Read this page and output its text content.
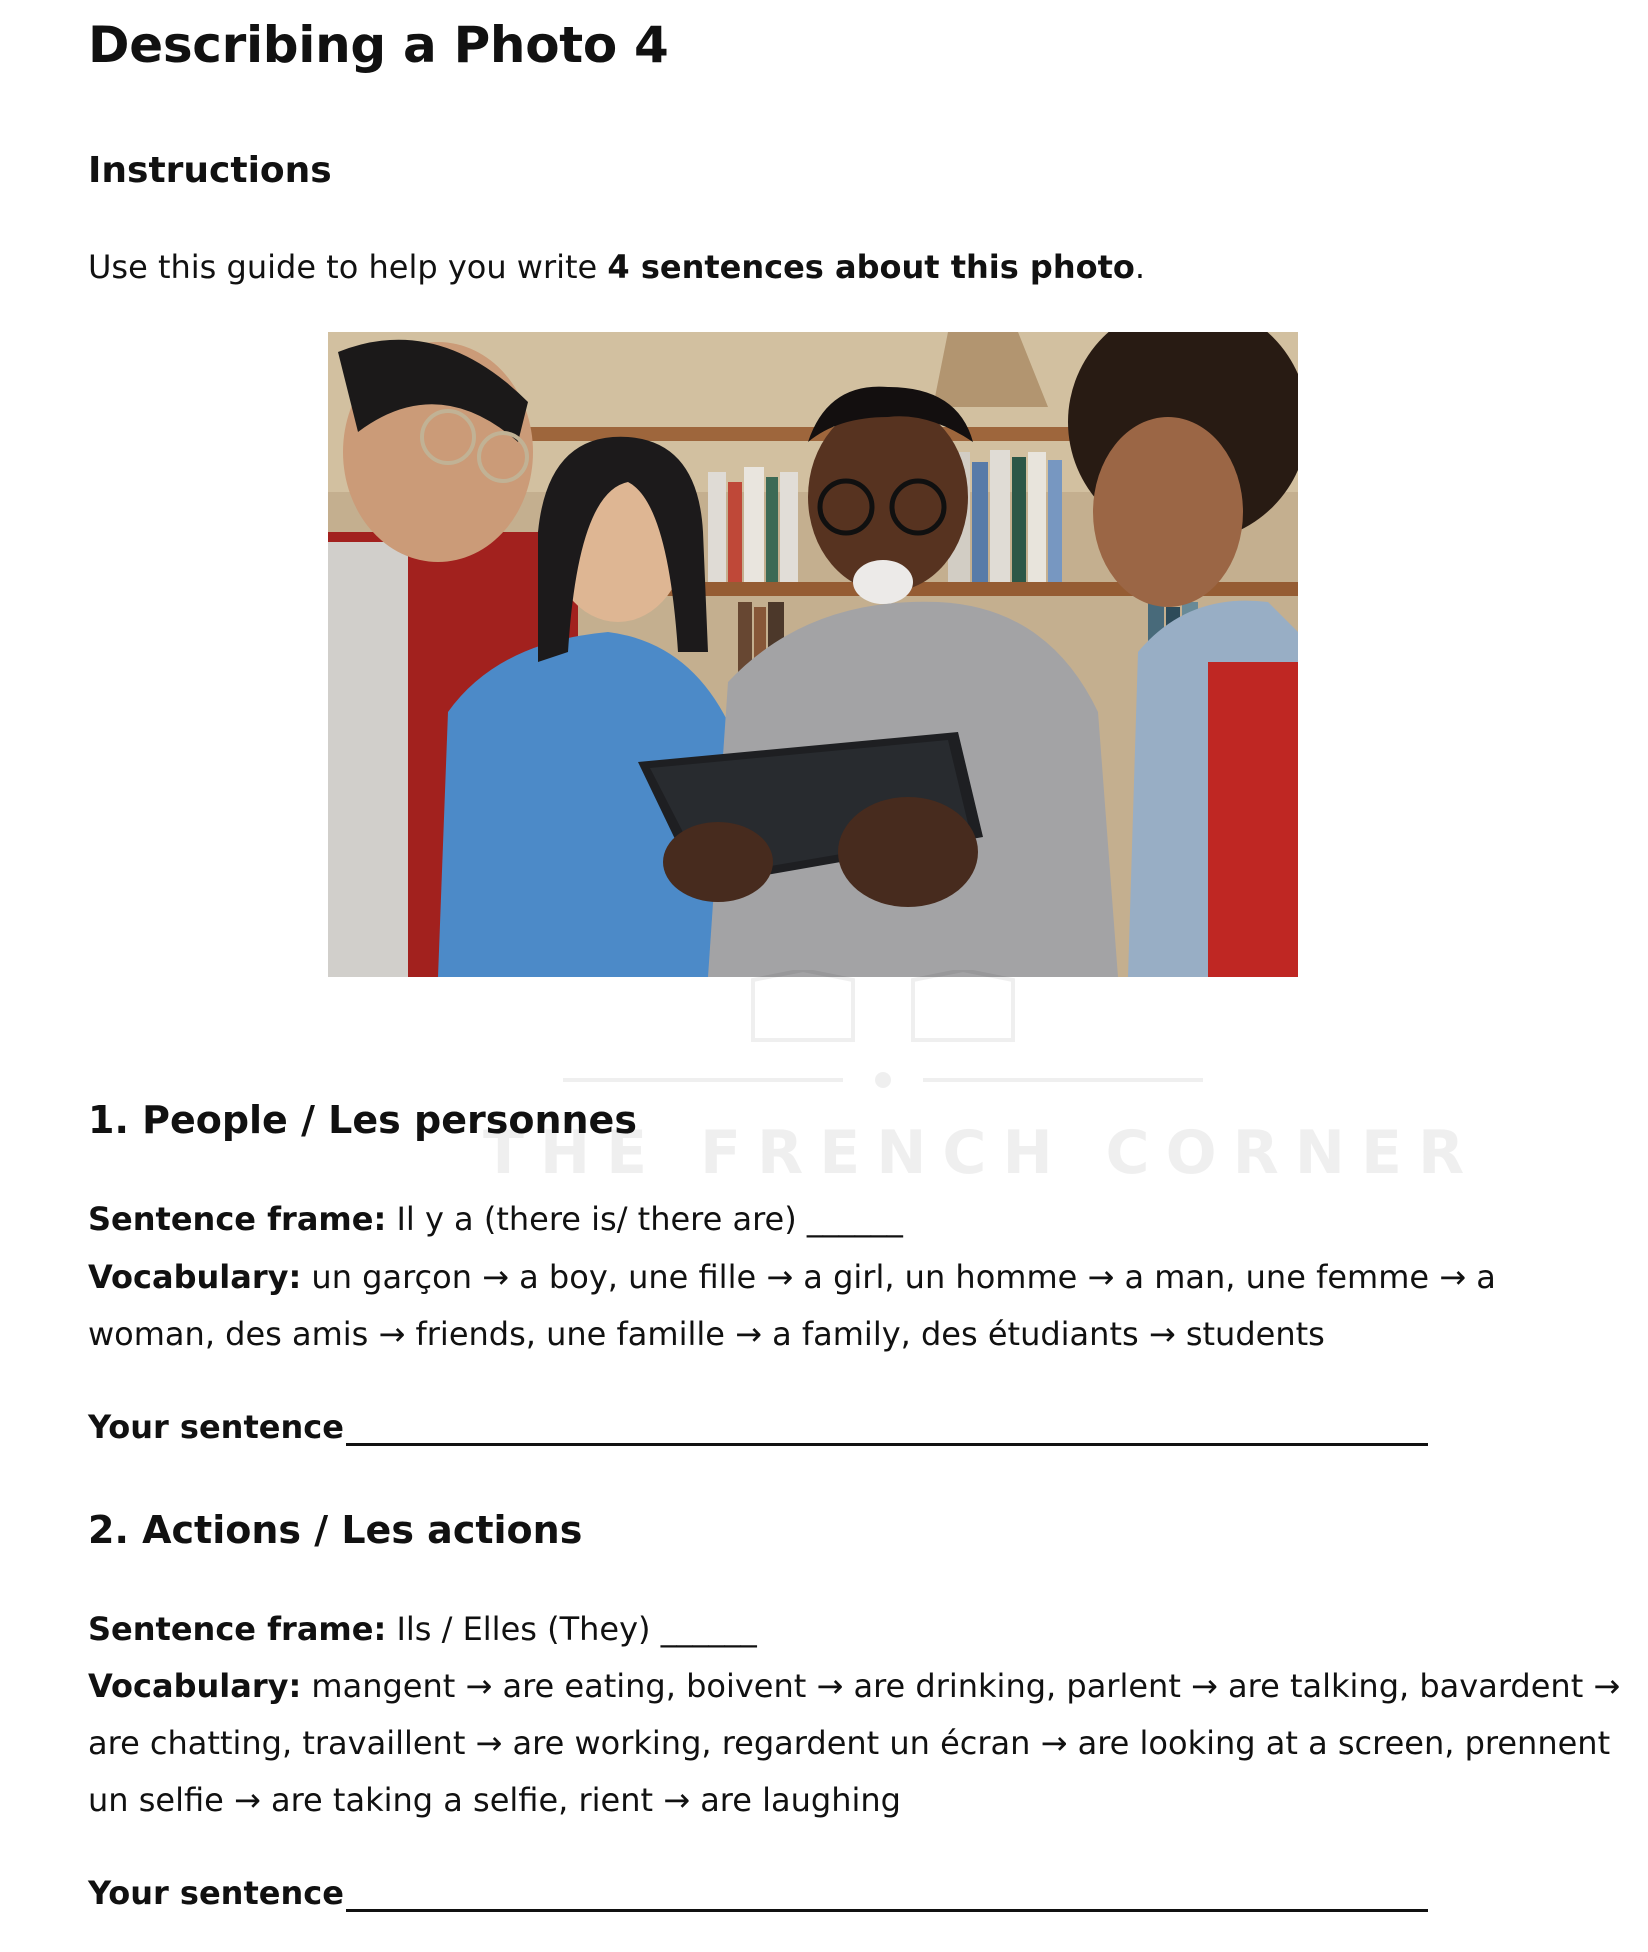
Describing a Photo 4
Instructions

Use this guide to help you write 4 sentences about this photo.

THE FRENCH CORNER
1. People / Les personnes

Sentence frame: Il y a (there is/ there are) ______

Vocabulary: un garçon → a boy, une fille → a girl, un homme → a man, une femme → a

woman, des amis → friends, une famille → a family, des étudiants → students

Your sentence
2. Actions / Les actions

Sentence frame: Ils / Elles (They) ______

Vocabulary: mangent → are eating, boivent → are drinking, parlent → are talking, bavardent →

are chatting, travaillent → are working, regardent un écran → are looking at a screen, prennent

un selfie → are taking a selfie, rient → are laughing

Your sentence
